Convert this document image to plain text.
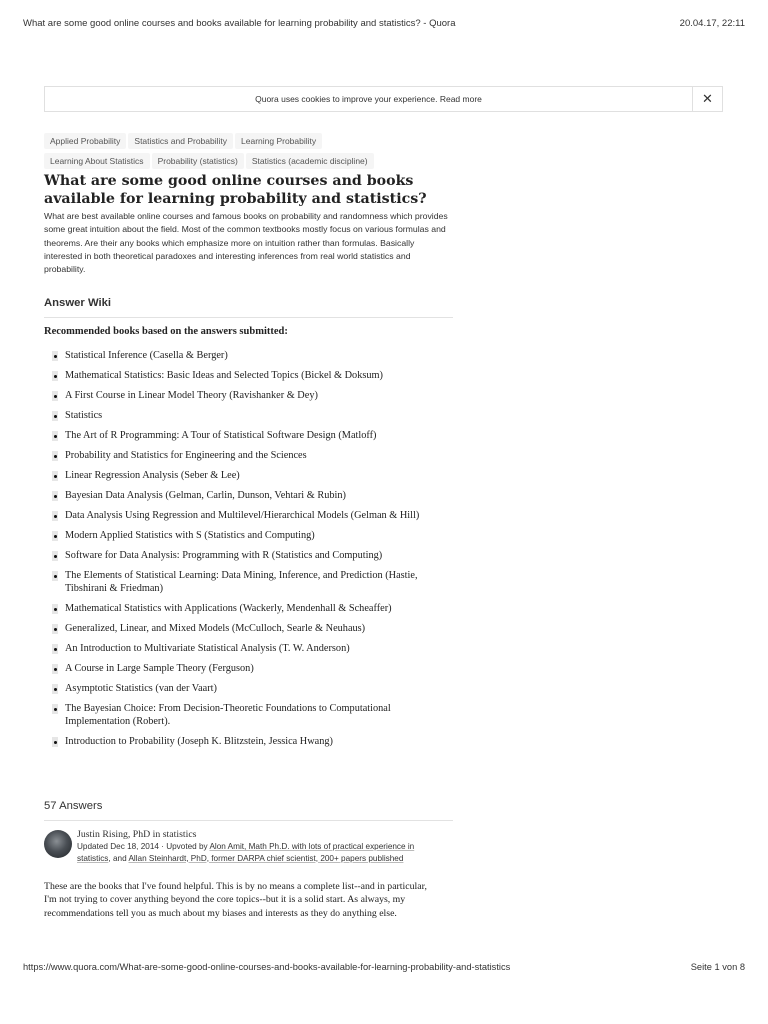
What are some good online courses and books available for learning probability and statistics? - Quora	20.04.17, 22:11
Quora uses cookies to improve your experience. Read more	✕
Applied Probability Statistics and Probability Learning Probability
Learning About Statistics Probability (statistics) Statistics (academic discipline)
What are some good online courses and books available for learning probability and statistics?

What are best available online courses and famous books on probability and randomness which provides some great intuition about the field. Most of the common textbooks mostly focus on various formulas and theorems. Are their any books which emphasize more on intuition rather than formulas. Basically interested in both theoretical paradoxes and interesting inferences from real world statistics and probability.

Answer Wiki
Recommended books based on the answers submitted:
Statistical Inference (Casella & Berger)
Mathematical Statistics: Basic Ideas and Selected Topics (Bickel & Doksum)
A First Course in Linear Model Theory (Ravishanker & Dey)
Statistics
The Art of R Programming: A Tour of Statistical Software Design (Matloff)
Probability and Statistics for Engineering and the Sciences
Linear Regression Analysis (Seber & Lee)
Bayesian Data Analysis (Gelman, Carlin, Dunson, Vehtari & Rubin)
Data Analysis Using Regression and Multilevel/Hierarchical Models (Gelman & Hill)
Modern Applied Statistics with S (Statistics and Computing)
Software for Data Analysis: Programming with R (Statistics and Computing)
The Elements of Statistical Learning: Data Mining, Inference, and Prediction (Hastie, Tibshirani & Friedman)
Mathematical Statistics with Applications (Wackerly, Mendenhall & Scheaffer)
Generalized, Linear, and Mixed Models (McCulloch, Searle & Neuhaus)
An Introduction to Multivariate Statistical Analysis (T. W. Anderson)
A Course in Large Sample Theory (Ferguson)
Asymptotic Statistics (van der Vaart)
The Bayesian Choice: From Decision-Theoretic Foundations to Computational Implementation (Robert).
Introduction to Probability (Joseph K. Blitzstein, Jessica Hwang)
57 Answers
Justin Rising, PhD in statistics
Updated Dec 18, 2014 · Upvoted by Alon Amit, Math Ph.D. with lots of practical experience in statistics, and Allan Steinhardt, PhD, former DARPA chief scientist, 200+ papers published

These are the books that I've found helpful. This is by no means a complete list--and in particular, I'm not trying to cover anything beyond the core topics--but it is a solid start. As always, my recommendations tell you as much about my biases and interests as they do anything else.

https://www.quora.com/What-are-some-good-online-courses-and-books-available-for-learning-probability-and-statistics	Seite 1 von 8
